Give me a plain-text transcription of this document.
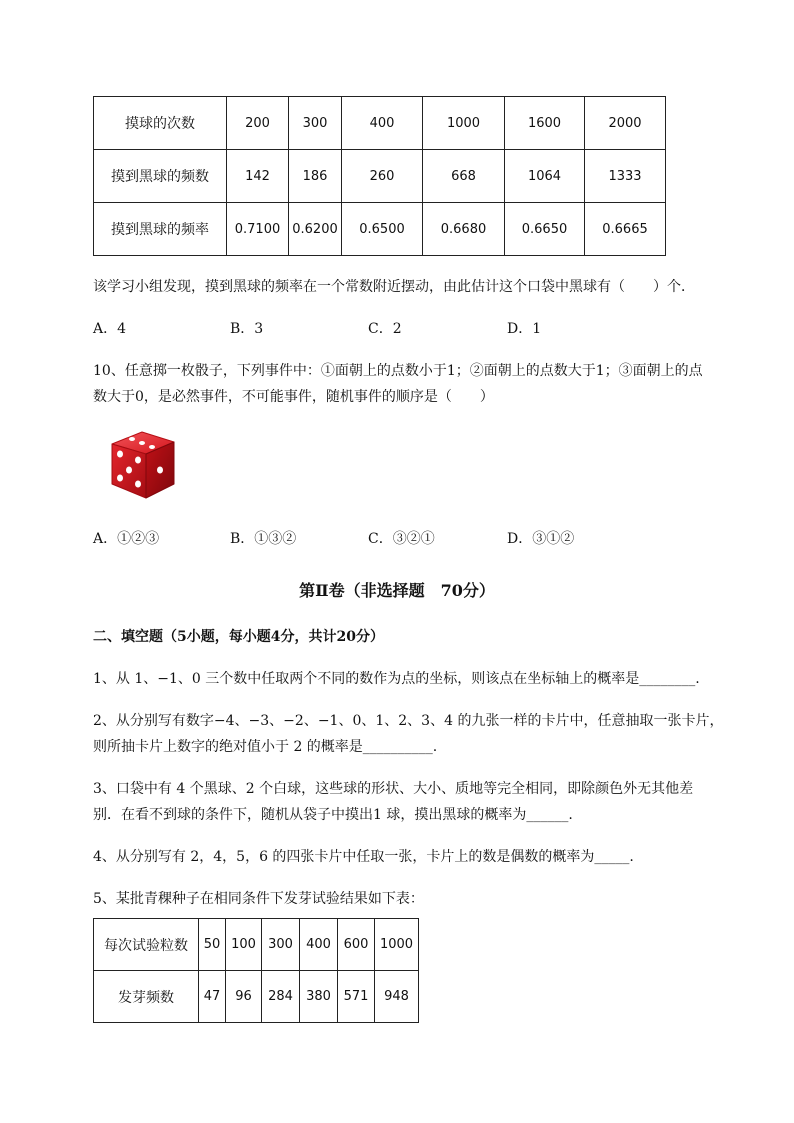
摸球的次数	200	300	400	1000	1600	2000
摸到黑球的频数	142	186	260	668	1064	1333
摸到黑球的频率	0.7100	0.6200	0.6500	0.6680	0.6650	0.6665
该学习小组发现，摸到黑球的频率在一个常数附近摆动，由此估计这个口袋中黑球有（　　）个．
A．4	B．3	C．2	D．1
10、任意掷一枚骰子，下列事件中：①面朝上的点数小于1；②面朝上的点数大于1；③面朝上的点
数大于0，是必然事件，不可能事件，随机事件的顺序是（　　）
A．①②③	B．①③②	C．③②①	D．③①②
第Ⅱ卷（非选择题　70分）
二、填空题（5小题，每小题4分，共计20分）
1、从 1、−1、0 三个数中任取两个不同的数作为点的坐标，则该点在坐标轴上的概率是________.
2、从分别写有数字−4、−3、−2、−1、0、1、2、3、4 的九张一样的卡片中，任意抽取一张卡片，
则所抽卡片上数字的绝对值小于 2 的概率是__________.
3、口袋中有 4 个黑球、2 个白球，这些球的形状、大小、质地等完全相同，即除颜色外无其他差
别．在看不到球的条件下，随机从袋子中摸出1 球，摸出黑球的概率为______.
4、从分别写有 2，4，5，6 的四张卡片中任取一张，卡片上的数是偶数的概率为_____.
5、某批青稞种子在相同条件下发芽试验结果如下表：
每次试验粒数	50	100	300	400	600	1000
发芽频数	47	96	284	380	571	948
